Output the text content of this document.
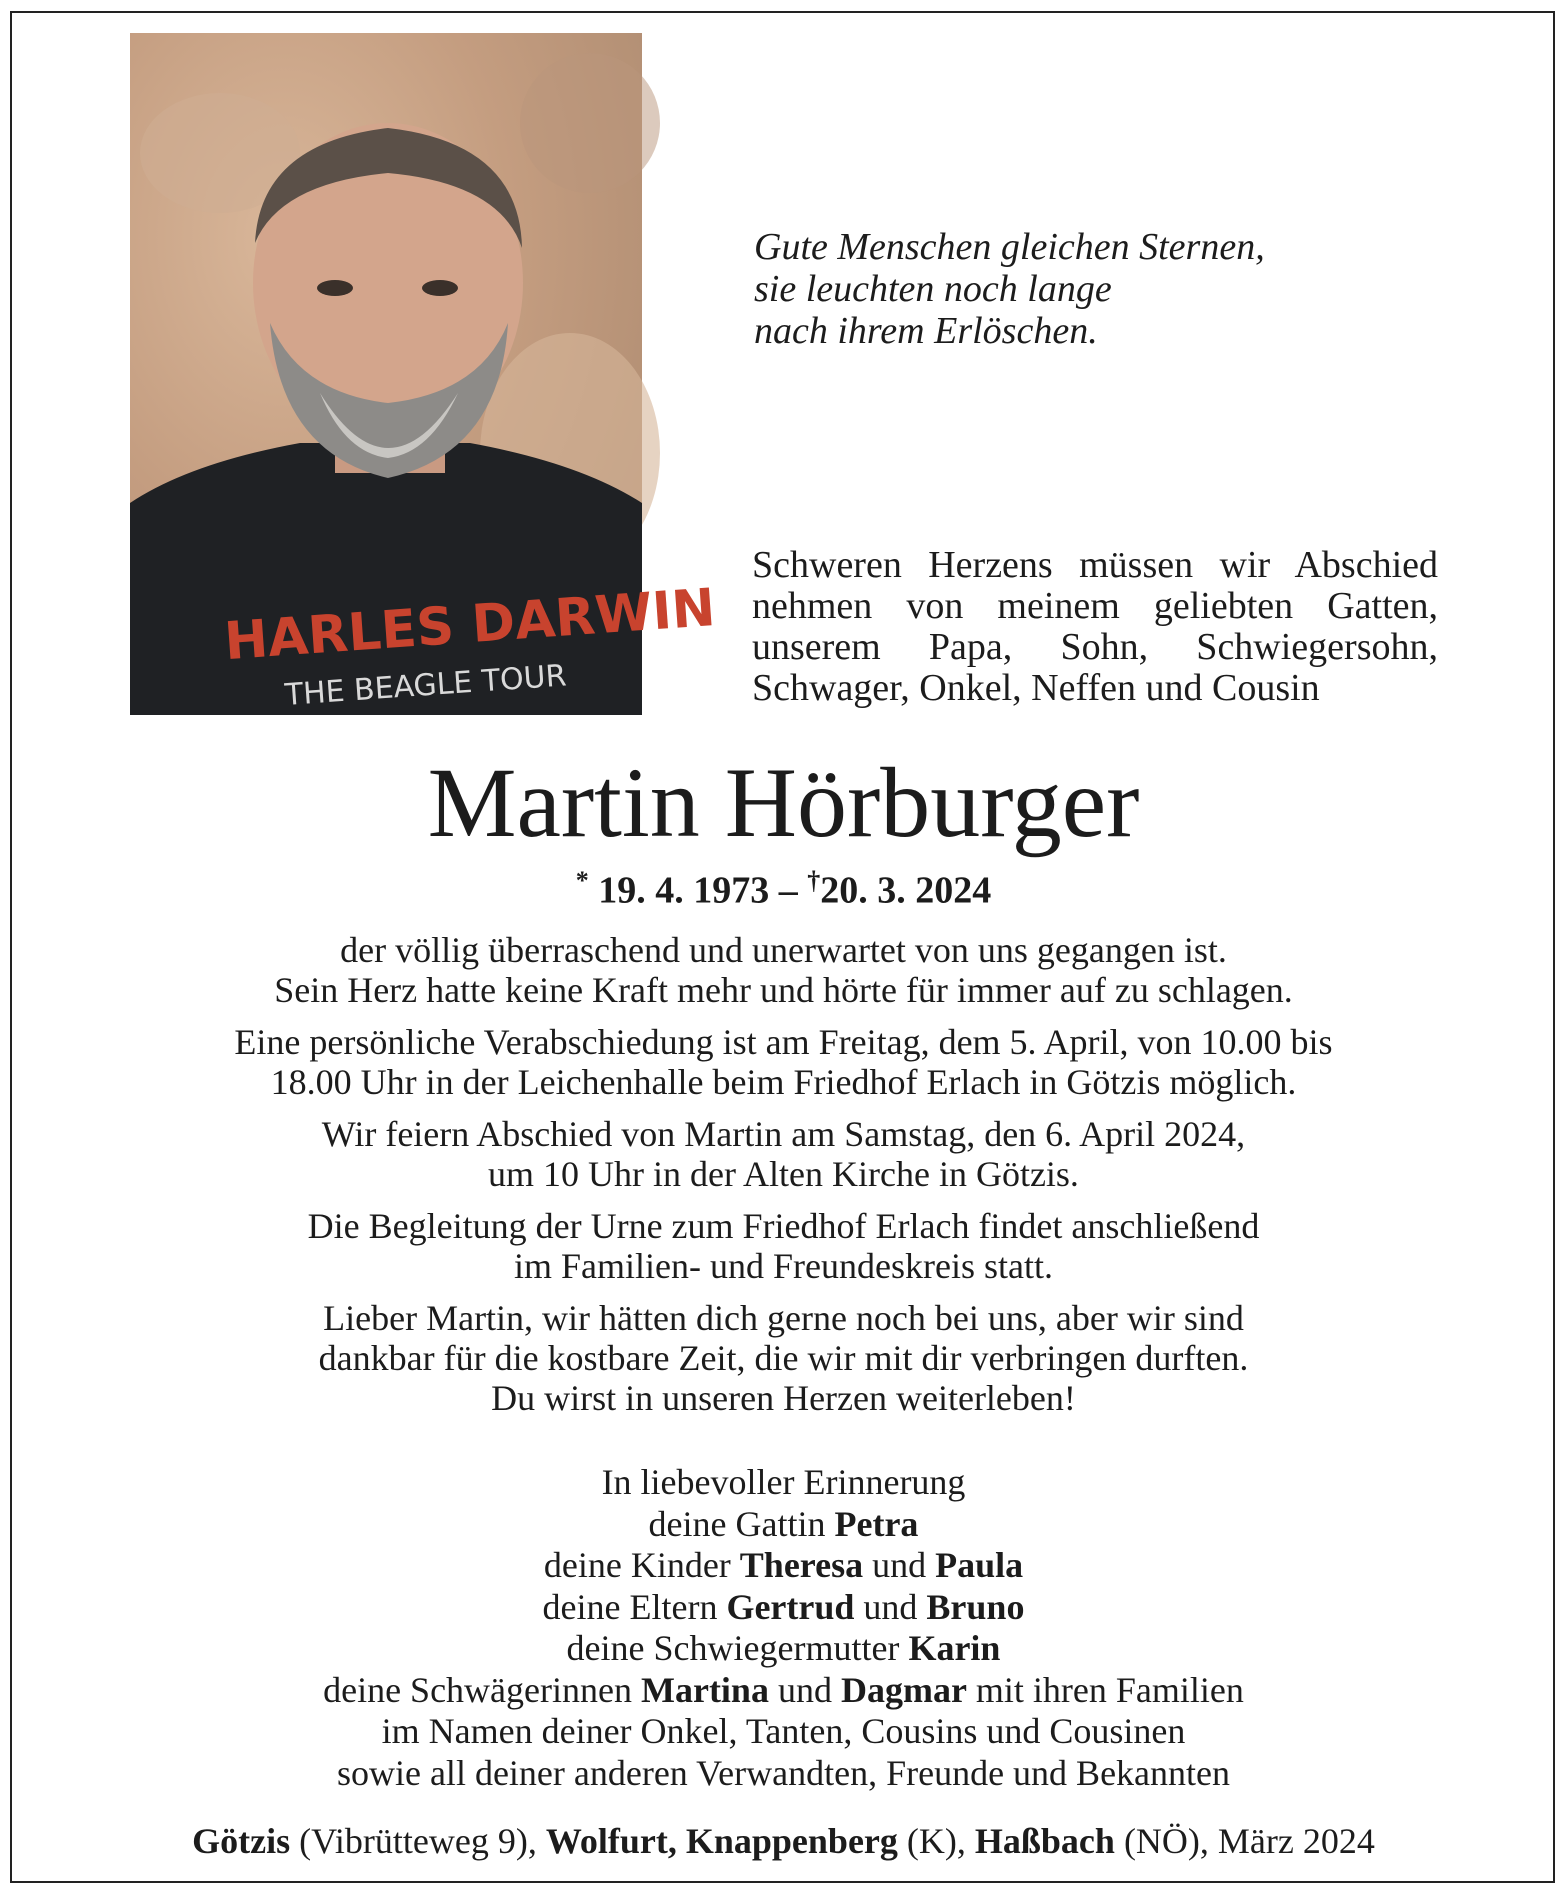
HARLES DARWIN
THE BEAGLE TOUR
Gute Menschen gleichen Sternen,
sie leuchten noch lange
nach ihrem Erlöschen.
Schweren Herzens müssen wir Abschied
nehmen von meinem geliebten Gatten,
unserem Papa, Sohn, Schwiegersohn,
Schwager, Onkel, Neffen und Cousin
Martin Hörburger
* 19. 4. 1973 – †20. 3. 2024

der völlig überraschend und unerwartet von uns gegangen ist.
Sein Herz hatte keine Kraft mehr und hörte für immer auf zu schlagen.

Eine persönliche Verabschiedung ist am Freitag, dem 5. April, von 10.00 bis
18.00 Uhr in der Leichenhalle beim Friedhof Erlach in Götzis möglich.

Wir feiern Abschied von Martin am Samstag, den 6. April 2024,
um 10 Uhr in der Alten Kirche in Götzis.

Die Begleitung der Urne zum Friedhof Erlach findet anschließend
im Familien- und Freundeskreis statt.

Lieber Martin, wir hätten dich gerne noch bei uns, aber wir sind
dankbar für die kostbare Zeit, die wir mit dir verbringen durften.
Du wirst in unseren Herzen weiterleben!

In liebevoller Erinnerung
deine Gattin Petra
deine Kinder Theresa und Paula
deine Eltern Gertrud und Bruno
deine Schwiegermutter Karin
deine Schwägerinnen Martina und Dagmar mit ihren Familien
im Namen deiner Onkel, Tanten, Cousins und Cousinen
sowie all deiner anderen Verwandten, Freunde und Bekannten
Götzis (Vibrütteweg 9), Wolfurt, Knappenberg (K), Haßbach (NÖ), März 2024
